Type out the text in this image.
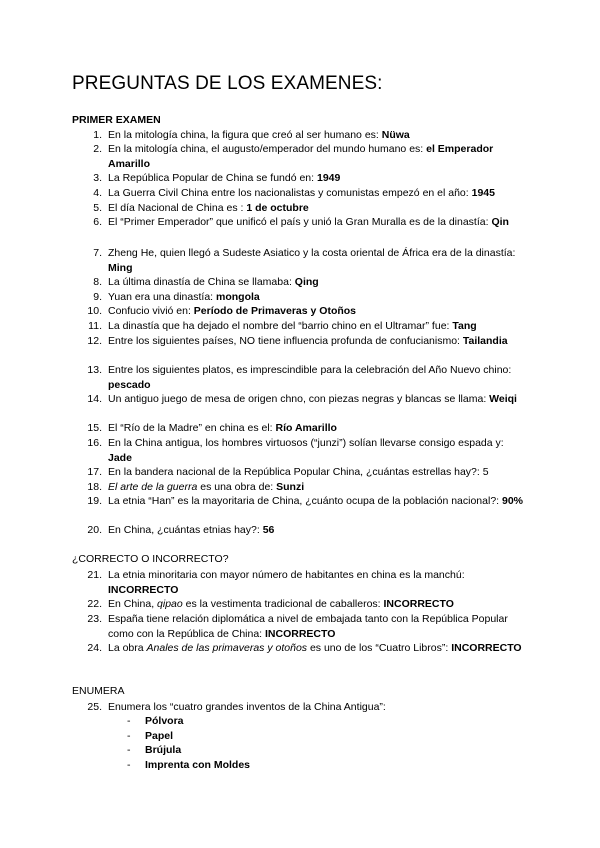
PREGUNTAS DE LOS EXAMENES:
PRIMER EXAMEN
1. En la mitología china, la figura que creó al ser humano es: Nüwa
2. En la mitología china, el augusto/emperador del mundo humano es: el Emperador Amarillo
3. La República Popular de China se fundó en: 1949
4. La Guerra Civil China entre los nacionalistas y comunistas empezó en el año: 1945
5. El día Nacional de China es : 1 de octubre
6. El “Primer Emperador” que unificó el país y unió la Gran Muralla es de la dinastía: Qin
7. Zheng He, quien llegó a Sudeste Asiatico y la costa oriental de África era de la dinastía: Ming
8. La última dinastía de China se llamaba: Qing
9. Yuan era una dinastía: mongola
10. Confucio vivió en: Período de Primaveras y Otoños
11. La dinastía que ha dejado el nombre del “barrio chino en el Ultramar” fue: Tang
12. Entre los siguientes países, NO tiene influencia profunda de confucianismo: Tailandia
13. Entre los siguientes platos, es imprescindible para la celebración del Año Nuevo chino: pescado
14. Un antiguo juego de mesa de origen chno, con piezas negras y blancas se llama: Weiqi
15. El “Río de la Madre” en china es el: Río Amarillo
16. En la China antigua, los hombres virtuosos (“junzi”) solían llevarse consigo espada y: Jade
17. En la bandera nacional de la República Popular China, ¿cuántas estrellas hay?: 5
18. El arte de la guerra es una obra de: Sunzi
19. La etnia “Han” es la mayoritaria de China, ¿cuánto ocupa de la población nacional?: 90%
20. En China, ¿cuántas etnias hay?: 56
¿CORRECTO O INCORRECTO?
21. La etnia minoritaria con mayor número de habitantes en china es la manchú: INCORRECTO
22. En China, qipao es la vestimenta tradicional de caballeros: INCORRECTO
23. España tiene relación diplomática a nivel de embajada tanto con la República Popular como con la República de China: INCORRECTO
24. La obra Anales de las primaveras y otoños es uno de los “Cuatro Libros”: INCORRECTO
ENUMERA
25. Enumera los “cuatro grandes inventos de la China Antigua”:
- Pólvora
- Papel
- Brújula
- Imprenta con Moldes
